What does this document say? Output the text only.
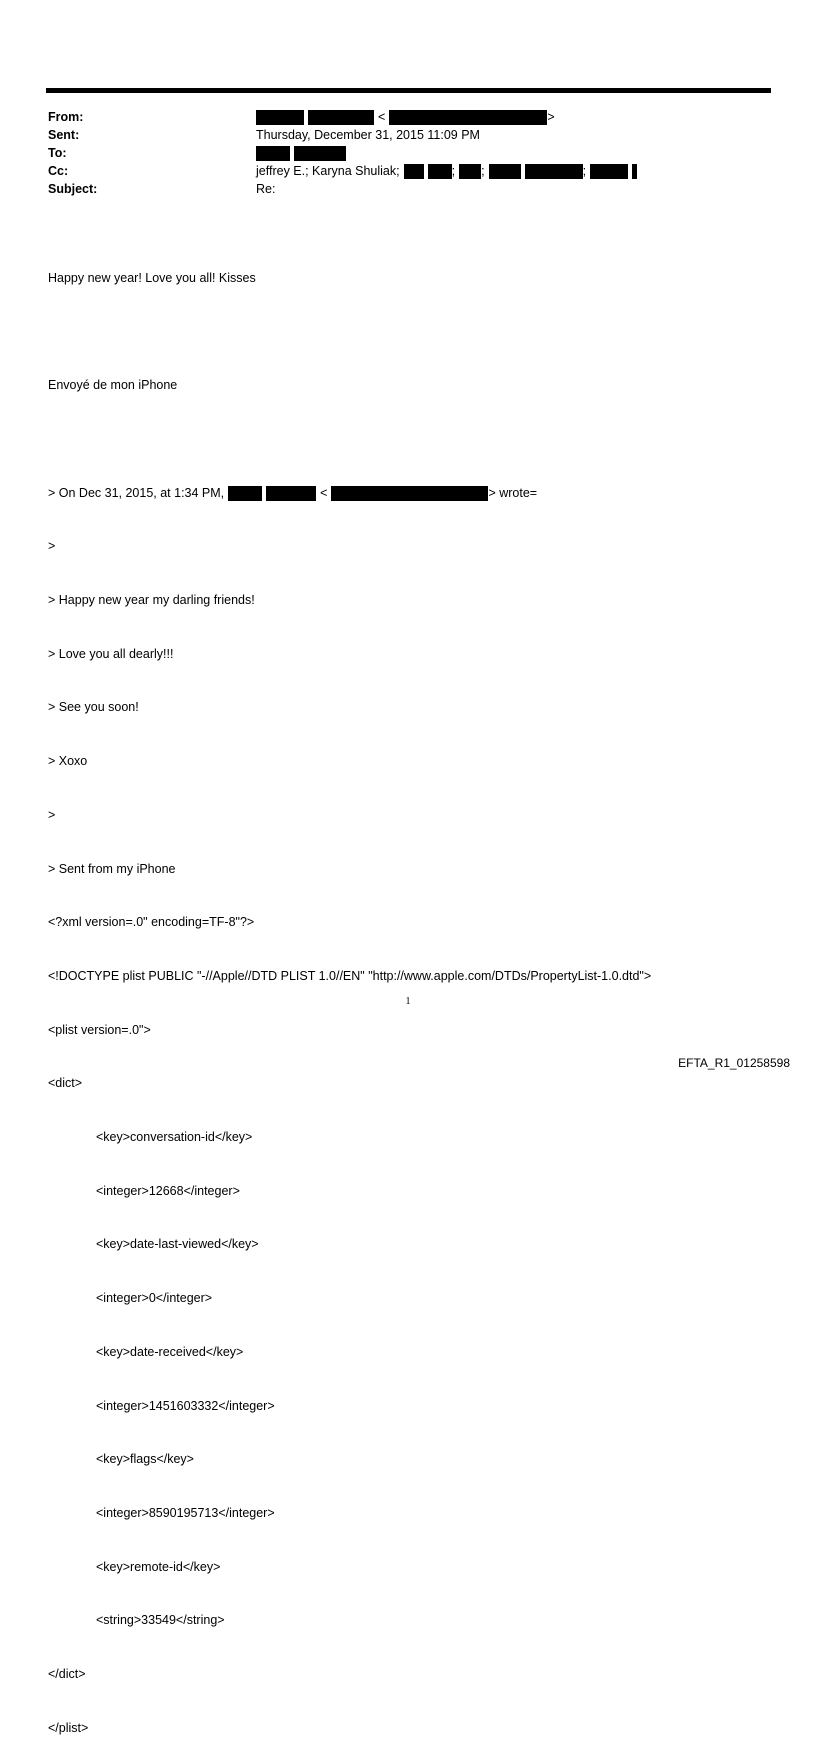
From:	<	>
Sent:	Thursday, December 31, 2015 11:09 PM
To:
Cc:	jeffrey E.; Karyna Shuliak;	; ;	;
Subject:	Re:

Happy new year! Love you all! Kisses

Envoyé de mon iPhone

> On Dec 31, 2015, at 1:34 PM,	<	> wrote=

>

> Happy new year my darling friends!

> Love you all dearly!!!

> See you soon!

> Xoxo

>

> Sent from my iPhone

<?xml version=.0" encoding=TF-8"?>

<!DOCTYPE plist PUBLIC "-//Apple//DTD PLIST 1.0//EN" "http://www.apple.com/DTDs/PropertyList-1.0.dtd">

<plist version=.0">

<dict>

<key>conversation-id</key>

<integer>12668</integer>

<key>date-last-viewed</key>

<integer>0</integer>

<key>date-received</key>

<integer>1451603332</integer>

<key>flags</key>

<integer>8590195713</integer>

<key>remote-id</key>

<string>33549</string>

</dict>

</plist>

1
EFTA_R1_01258598
